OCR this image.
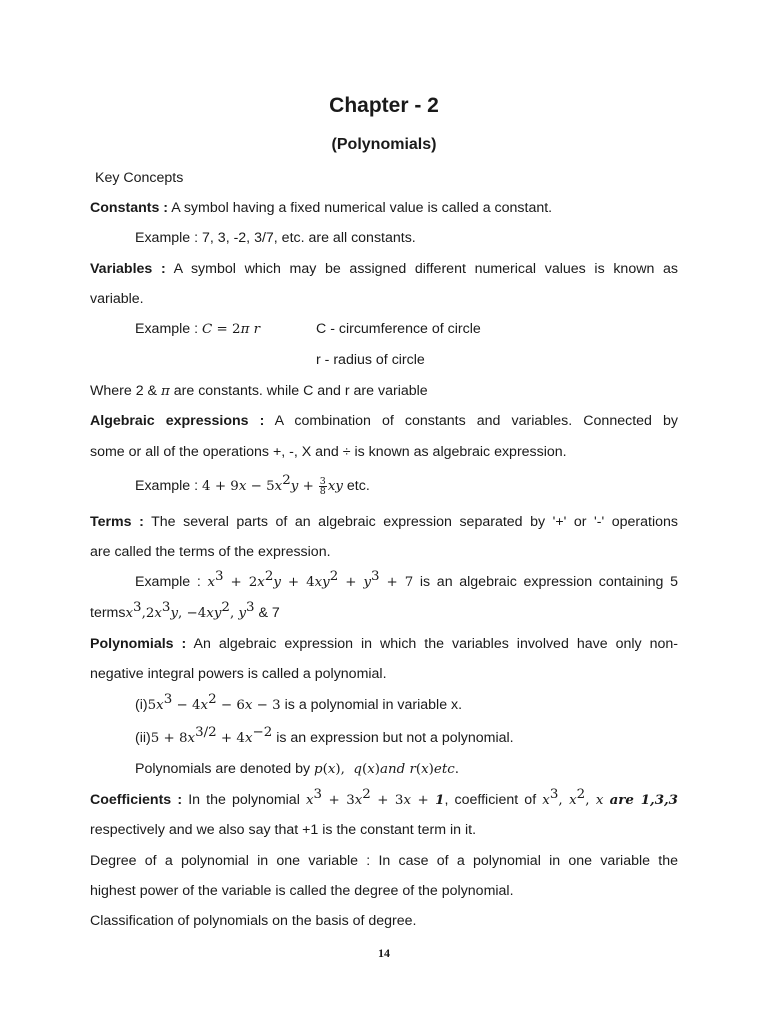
Chapter - 2
(Polynomials)
Key Concepts
Constants : A symbol having a fixed numerical value is called a constant.
Example : 7, 3, -2, 3/7, etc. are all constants.
Variables : A symbol which may be assigned different numerical values is known as
variable.
Example : C = 2π r	C - circumference of circle
r - radius of circle
Where 2 & π are constants. while C and r are variable
Algebraic expressions : A combination of constants and variables. Connected by
some or all of the operations +, -, X and ÷ is known as algebraic expression.
Example : $4 + 9x - 5x^2y + \frac{3}{8}$ xy etc.
Terms : The several parts of an algebraic expression separated by '+' or '-' operations
are called the terms of the expression.
Example : $x^3 + 2x^2y + 4xy^2 + y^3 + 7$ is an algebraic expression containing 5
$termsx^3,2x^3y$, $-4xy^2$, $y^3$ & 7
Polynomials : An algebraic expression in which the variables involved have only non-
negative integral powers is called a polynomial.
$(i)5x^3 - 4x^2 - 6x - 3$ is a polynomial in variable x.
$(ii)5 + 8x^{3/2} + 4x^{-2}$ is an expression but not a polynomial.
Polynomials are denoted by p(x),  q(x)and r(x)etc.
Coefficients : In the polynomial $x^3 + 3x^2 + 3x + 1$, coefficient of $x^3$, $x^2$, x are 1,3,3
respectively and we also say that +1 is the constant term in it.
Degree of a polynomial in one variable : In case of a polynomial in one variable the
highest power of the variable is called the degree of the polynomial.
Classification of polynomials on the basis of degree.
14
